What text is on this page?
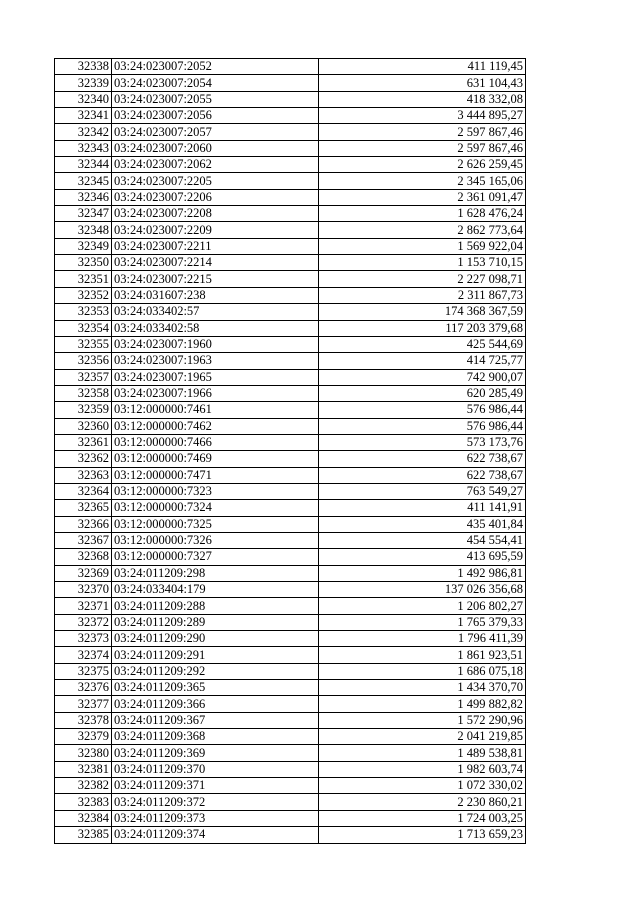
32338	03:24:023007:2052	411 119,45
32339	03:24:023007:2054	631 104,43
32340	03:24:023007:2055	418 332,08
32341	03:24:023007:2056	3 444 895,27
32342	03:24:023007:2057	2 597 867,46
32343	03:24:023007:2060	2 597 867,46
32344	03:24:023007:2062	2 626 259,45
32345	03:24:023007:2205	2 345 165,06
32346	03:24:023007:2206	2 361 091,47
32347	03:24:023007:2208	1 628 476,24
32348	03:24:023007:2209	2 862 773,64
32349	03:24:023007:2211	1 569 922,04
32350	03:24:023007:2214	1 153 710,15
32351	03:24:023007:2215	2 227 098,71
32352	03:24:031607:238	2 311 867,73
32353	03:24:033402:57	174 368 367,59
32354	03:24:033402:58	117 203 379,68
32355	03:24:023007:1960	425 544,69
32356	03:24:023007:1963	414 725,77
32357	03:24:023007:1965	742 900,07
32358	03:24:023007:1966	620 285,49
32359	03:12:000000:7461	576 986,44
32360	03:12:000000:7462	576 986,44
32361	03:12:000000:7466	573 173,76
32362	03:12:000000:7469	622 738,67
32363	03:12:000000:7471	622 738,67
32364	03:12:000000:7323	763 549,27
32365	03:12:000000:7324	411 141,91
32366	03:12:000000:7325	435 401,84
32367	03:12:000000:7326	454 554,41
32368	03:12:000000:7327	413 695,59
32369	03:24:011209:298	1 492 986,81
32370	03:24:033404:179	137 026 356,68
32371	03:24:011209:288	1 206 802,27
32372	03:24:011209:289	1 765 379,33
32373	03:24:011209:290	1 796 411,39
32374	03:24:011209:291	1 861 923,51
32375	03:24:011209:292	1 686 075,18
32376	03:24:011209:365	1 434 370,70
32377	03:24:011209:366	1 499 882,82
32378	03:24:011209:367	1 572 290,96
32379	03:24:011209:368	2 041 219,85
32380	03:24:011209:369	1 489 538,81
32381	03:24:011209:370	1 982 603,74
32382	03:24:011209:371	1 072 330,02
32383	03:24:011209:372	2 230 860,21
32384	03:24:011209:373	1 724 003,25
32385	03:24:011209:374	1 713 659,23
